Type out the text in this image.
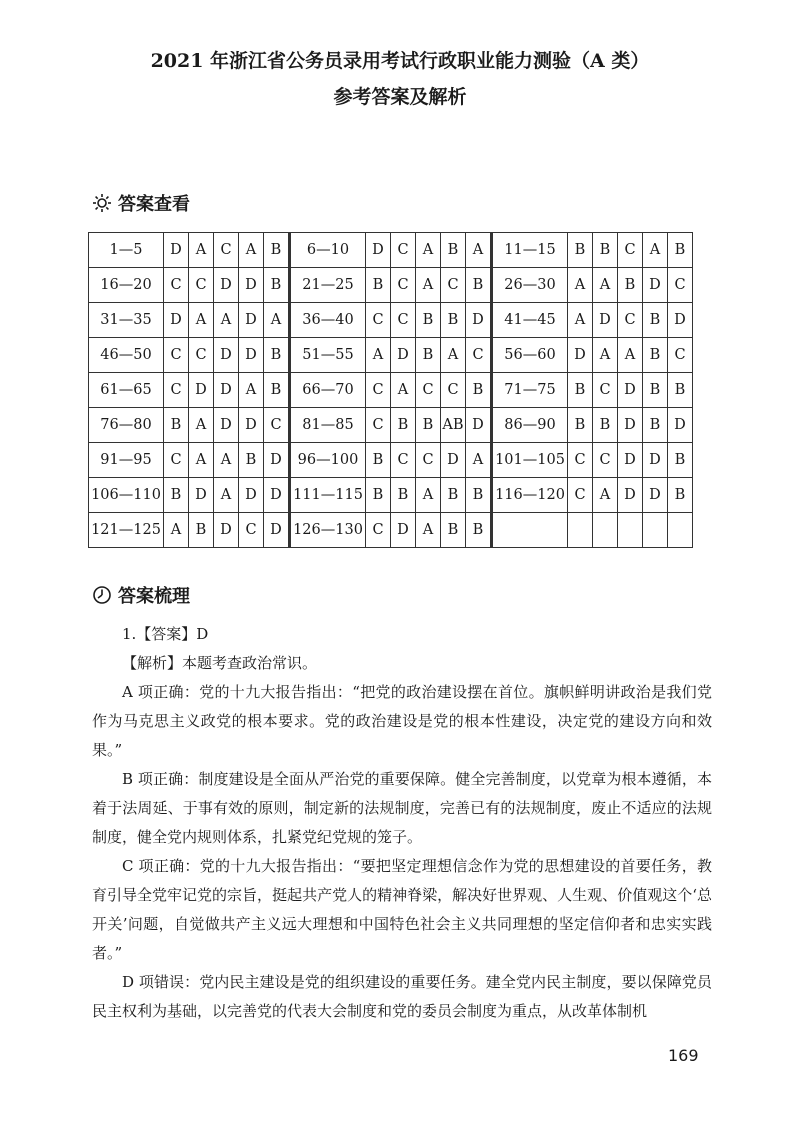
2021 年浙江省公务员录用考试行政职业能力测验（A 类）
参考答案及解析
答案查看
1—5	D	A	C	A	B	6—10	D	C	A	B	A	11—15	B	B	C	A	B
16—20	C	C	D	D	B	21—25	B	C	A	C	B	26—30	A	A	B	D	C
31—35	D	A	A	D	A	36—40	C	C	B	B	D	41—45	A	D	C	B	D
46—50	C	C	D	D	B	51—55	A	D	B	A	C	56—60	D	A	A	B	C
61—65	C	D	D	A	B	66—70	C	A	C	C	B	71—75	B	C	D	B	B
76—80	B	A	D	D	C	81—85	C	B	B	AB	D	86—90	B	B	D	B	D
91—95	C	A	A	B	D	96—100	B	C	C	D	A	101—105	C	C	D	D	B
106—110	B	D	A	D	D	111—115	B	B	A	B	B	116—120	C	A	D	D	B
121—125	A	B	D	C	D	126—130	C	D	A	B	B						
答案梳理

1.【答案】D

【解析】本题考查政治常识。

A 项正确：党的十九大报告指出：“把党的政治建设摆在首位。旗帜鲜明讲政治是我们党作为马克思主义政党的根本要求。党的政治建设是党的根本性建设，决定党的建设方向和效果。”

B 项正确：制度建设是全面从严治党的重要保障。健全完善制度，以党章为根本遵循，本着于法周延、于事有效的原则，制定新的法规制度，完善已有的法规制度，废止不适应的法规制度，健全党内规则体系，扎紧党纪党规的笼子。

C 项正确：党的十九大报告指出：“要把坚定理想信念作为党的思想建设的首要任务，教育引导全党牢记党的宗旨，挺起共产党人的精神脊梁，解决好世界观、人生观、价值观这个‘总开关’问题，自觉做共产主义远大理想和中国特色社会主义共同理想的坚定信仰者和忠实实践者。”

D 项错误：党内民主建设是党的组织建设的重要任务。建全党内民主制度，要以保障党员民主权利为基础，以完善党的代表大会制度和党的委员会制度为重点，从改革体制机

169
